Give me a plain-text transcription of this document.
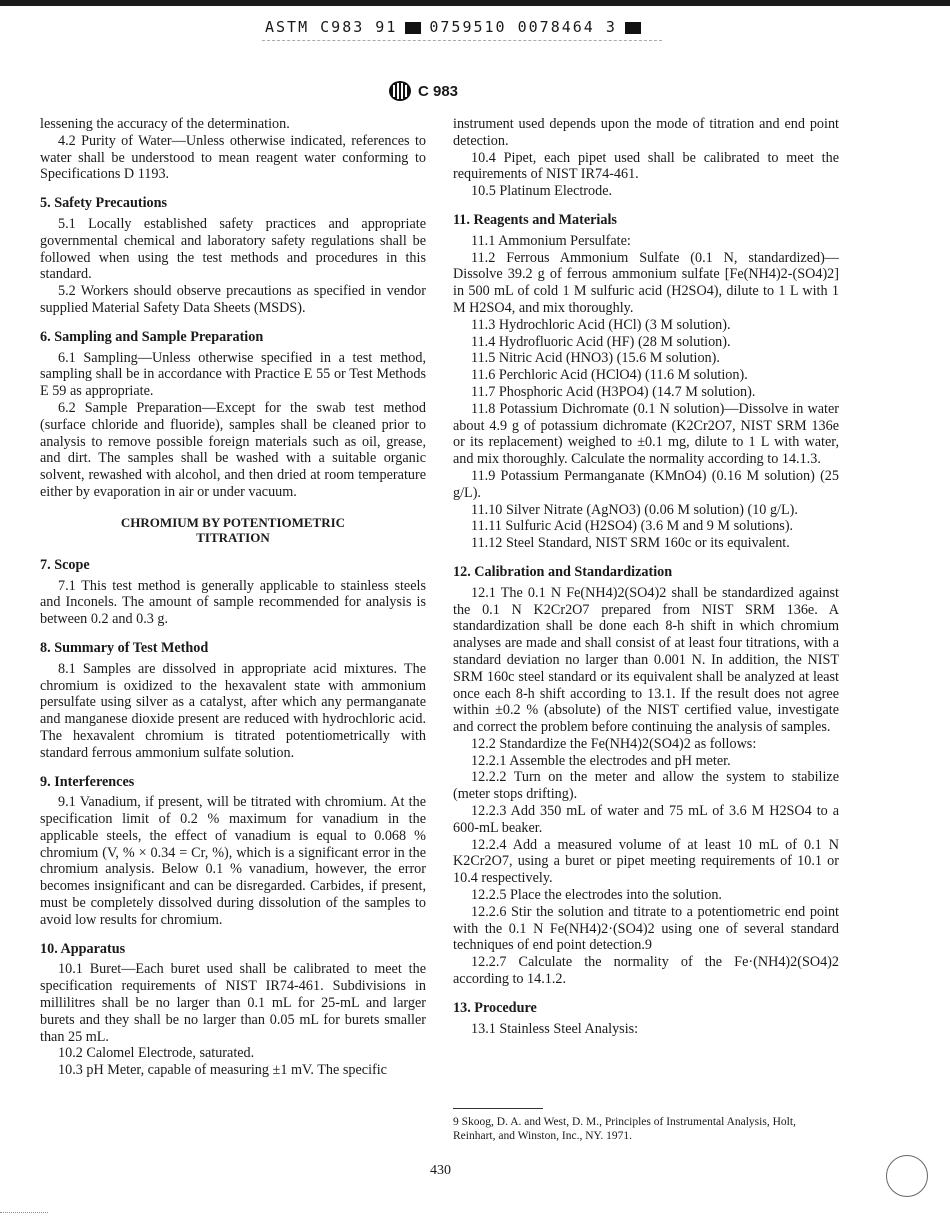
ASTM C983 91 0759510 0078464 3
C 983

lessening the accuracy of the determination.

4.2 Purity of Water—Unless otherwise indicated, references to water shall be understood to mean reagent water conforming to Specifications D 1193.

5. Safety Precautions

5.1 Locally established safety practices and appropriate governmental chemical and laboratory safety regulations shall be followed when using the test methods and procedures in this standard.

5.2 Workers should observe precautions as specified in vendor supplied Material Safety Data Sheets (MSDS).

6. Sampling and Sample Preparation

6.1 Sampling—Unless otherwise specified in a test method, sampling shall be in accordance with Practice E 55 or Test Methods E 59 as appropriate.

6.2 Sample Preparation—Except for the swab test method (surface chloride and fluoride), samples shall be cleaned prior to analysis to remove possible foreign materials such as oil, grease, and dirt. The samples shall be washed with a suitable organic solvent, rewashed with alcohol, and then dried at room temperature either by evaporation in air or under vacuum.

CHROMIUM BY POTENTIOMETRIC
TITRATION
7. Scope

7.1 This test method is generally applicable to stainless steels and Inconels. The amount of sample recommended for analysis is between 0.2 and 0.3 g.

8. Summary of Test Method

8.1 Samples are dissolved in appropriate acid mixtures. The chromium is oxidized to the hexavalent state with ammonium persulfate using silver as a catalyst, after which any permanganate and manganese dioxide present are reduced with hydrochloric acid. The hexavalent chromium is titrated potentiometrically with standard ferrous ammonium sulfate solution.

9. Interferences

9.1 Vanadium, if present, will be titrated with chromium. At the specification limit of 0.2 % maximum for vanadium in the applicable steels, the effect of vanadium is equal to 0.068 % chromium (V, % × 0.34 = Cr, %), which is a significant error in the chromium analysis. Below 0.1 % vanadium, however, the error becomes insignificant and can be disregarded. Carbides, if present, must be completely dissolved during dissolution of the samples to avoid low results for chromium.

10. Apparatus

10.1 Buret—Each buret used shall be calibrated to meet the specification requirements of NIST IR74-461. Subdivisions in millilitres shall be no larger than 0.1 mL for 25-mL and larger burets and they shall be no larger than 0.05 mL for burets smaller than 25 mL.

10.2 Calomel Electrode, saturated.

10.3 pH Meter, capable of measuring ±1 mV. The specific

instrument used depends upon the mode of titration and end point detection.

10.4 Pipet, each pipet used shall be calibrated to meet the requirements of NIST IR74-461.

10.5 Platinum Electrode.

11. Reagents and Materials

11.1 Ammonium Persulfate:

11.2 Ferrous Ammonium Sulfate (0.1 N, standardized)—Dissolve 39.2 g of ferrous ammonium sulfate [Fe(NH4)2-(SO4)2] in 500 mL of cold 1 M sulfuric acid (H2SO4), dilute to 1 L with 1 M H2SO4, and mix thoroughly.

11.3 Hydrochloric Acid (HCl) (3 M solution).

11.4 Hydrofluoric Acid (HF) (28 M solution).

11.5 Nitric Acid (HNO3) (15.6 M solution).

11.6 Perchloric Acid (HClO4) (11.6 M solution).

11.7 Phosphoric Acid (H3PO4) (14.7 M solution).

11.8 Potassium Dichromate (0.1 N solution)—Dissolve in water about 4.9 g of potassium dichromate (K2Cr2O7, NIST SRM 136e or its replacement) weighed to ±0.1 mg, dilute to 1 L with water, and mix thoroughly. Calculate the normality according to 14.1.3.

11.9 Potassium Permanganate (KMnO4) (0.16 M solution) (25 g/L).

11.10 Silver Nitrate (AgNO3) (0.06 M solution) (10 g/L).

11.11 Sulfuric Acid (H2SO4) (3.6 M and 9 M solutions).

11.12 Steel Standard, NIST SRM 160c or its equivalent.

12. Calibration and Standardization

12.1 The 0.1 N Fe(NH4)2(SO4)2 shall be standardized against the 0.1 N K2Cr2O7 prepared from NIST SRM 136e. A standardization shall be done each 8-h shift in which chromium analyses are made and shall consist of at least four titrations, with a standard deviation no larger than 0.001 N. In addition, the NIST SRM 160c steel standard or its equivalent shall be analyzed at least once each 8-h shift according to 13.1. If the result does not agree within ±0.2 % (absolute) of the NIST certified value, investigate and correct the problem before continuing the analysis of samples.

12.2 Standardize the Fe(NH4)2(SO4)2 as follows:

12.2.1 Assemble the electrodes and pH meter.

12.2.2 Turn on the meter and allow the system to stabilize (meter stops drifting).

12.2.3 Add 350 mL of water and 75 mL of 3.6 M H2SO4 to a 600-mL beaker.

12.2.4 Add a measured volume of at least 10 mL of 0.1 N K2Cr2O7, using a buret or pipet meeting requirements of 10.1 or 10.4 respectively.

12.2.5 Place the electrodes into the solution.

12.2.6 Stir the solution and titrate to a potentiometric end point with the 0.1 N Fe(NH4)2·(SO4)2 using one of several standard techniques of end point detection.9

12.2.7 Calculate the normality of the Fe·(NH4)2(SO4)2 according to 14.1.2.

13. Procedure

13.1 Stainless Steel Analysis:

9 Skoog, D. A. and West, D. M., Principles of Instrumental Analysis, Holt, Reinhart, and Winston, Inc., NY. 1971.
430
